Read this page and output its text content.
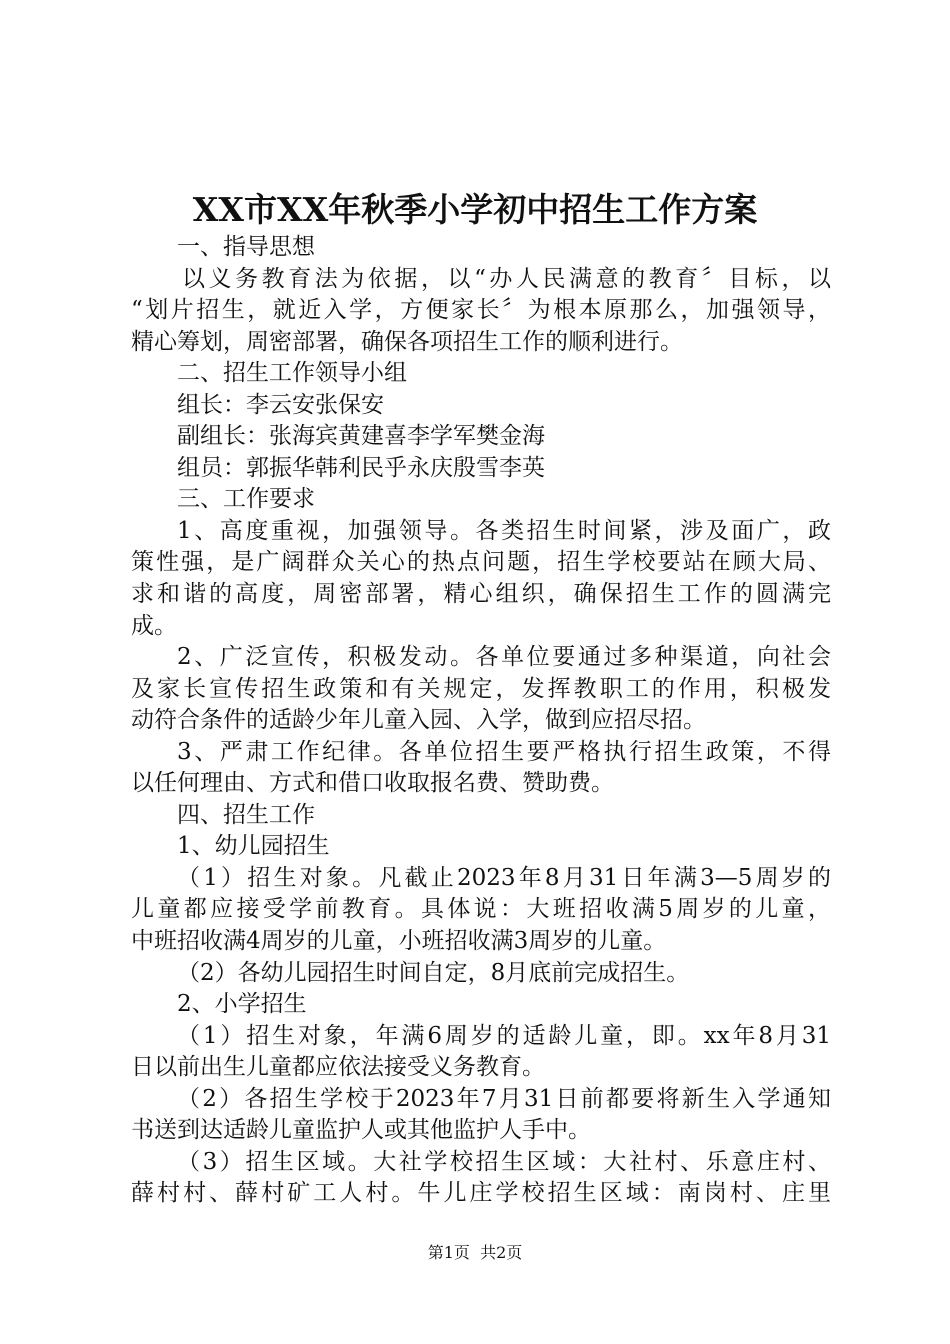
XX市XX年秋季小学初中招生工作方案
一、指导思想
以义务教育法为依据，以“办人民满意的教育〞目标，以
“划片招生，就近入学，方便家长〞为根本原那么，加强领导，
精心筹划，周密部署，确保各项招生工作的顺利进行。
二、招生工作领导小组
组长：李云安张保安
副组长：张海宾黄建喜李学军樊金海
组员：郭振华韩利民乎永庆殷雪李英
三、工作要求
1、高度重视，加强领导。各类招生时间紧，涉及面广，政
策性强，是广阔群众关心的热点问题，招生学校要站在顾大局、
求和谐的高度，周密部署，精心组织，确保招生工作的圆满完
成。
2、广泛宣传，积极发动。各单位要通过多种渠道，向社会
及家长宣传招生政策和有关规定，发挥教职工的作用，积极发
动符合条件的适龄少年儿童入园、入学，做到应招尽招。
3、严肃工作纪律。各单位招生要严格执行招生政策，不得
以任何理由、方式和借口收取报名费、赞助费。
四、招生工作
1、幼儿园招生
（1）招生对象。凡截止2023年8月31日年满3—5周岁的
儿童都应接受学前教育。具体说：大班招收满5周岁的儿童，
中班招收满4周岁的儿童，小班招收满3周岁的儿童。
（2）各幼儿园招生时间自定，8月底前完成招生。
2、小学招生
（1）招生对象，年满6周岁的适龄儿童，即。xx年8月31
日以前出生儿童都应依法接受义务教育。
（2）各招生学校于2023年7月31日前都要将新生入学通知
书送到达适龄儿童监护人或其他监护人手中。
（3）招生区域。大社学校招生区域：大社村、乐意庄村、
薛村村、薛村矿工人村。牛儿庄学校招生区域：南岗村、庄里
第1页  共2页
